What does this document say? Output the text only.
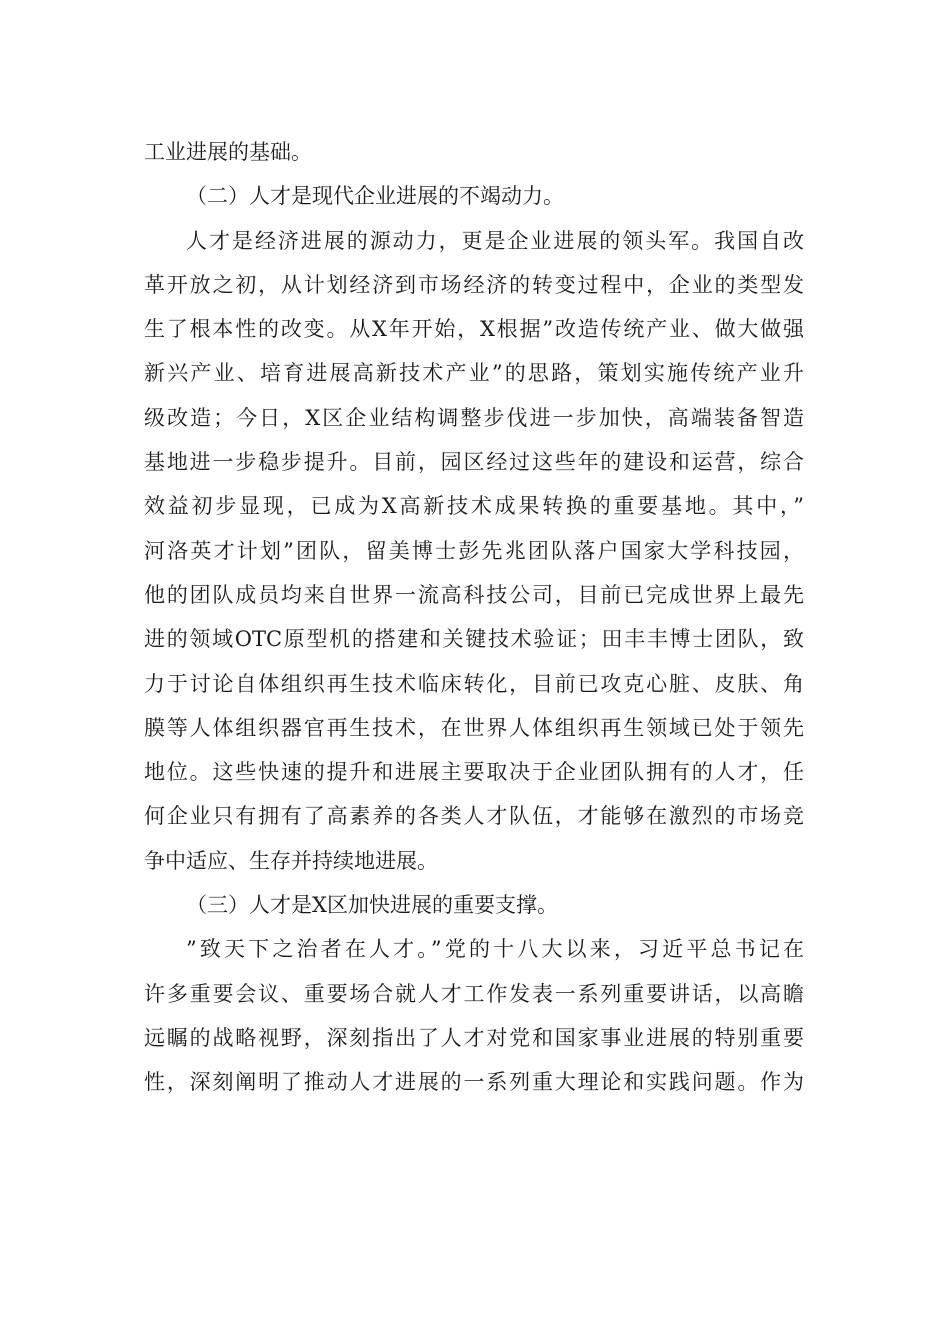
工业进展的基础。
（二）人才是现代企业进展的不竭动力。
人才是经济进展的源动力，更是企业进展的领头军。我国自改
革开放之初，从计划经济到市场经济的转变过程中，企业的类型发
生了根本性的改变。从X年开始，X根据”改造传统产业、做大做强
新兴产业、培育进展高新技术产业”的思路，策划实施传统产业升
级改造；今日，X区企业结构调整步伐进一步加快，高端装备智造
基地进一步稳步提升。目前，园区经过这些年的建设和运营，综合
效益初步显现，已成为X高新技术成果转换的重要基地。其中，”
河洛英才计划”团队，留美博士彭先兆团队落户国家大学科技园，
他的团队成员均来自世界一流高科技公司，目前已完成世界上最先
进的领域OTC原型机的搭建和关键技术验证；田丰丰博士团队，致
力于讨论自体组织再生技术临床转化，目前已攻克心脏、皮肤、角
膜等人体组织器官再生技术，在世界人体组织再生领域已处于领先
地位。这些快速的提升和进展主要取决于企业团队拥有的人才，任
何企业只有拥有了高素养的各类人才队伍，才能够在激烈的市场竞
争中适应、生存并持续地进展。
（三）人才是X区加快进展的重要支撑。
”致天下之治者在人才。”党的十八大以来，习近平总书记在
许多重要会议、重要场合就人才工作发表一系列重要讲话，以高瞻
远瞩的战略视野，深刻指出了人才对党和国家事业进展的特别重要
性，深刻阐明了推动人才进展的一系列重大理论和实践问题。作为
